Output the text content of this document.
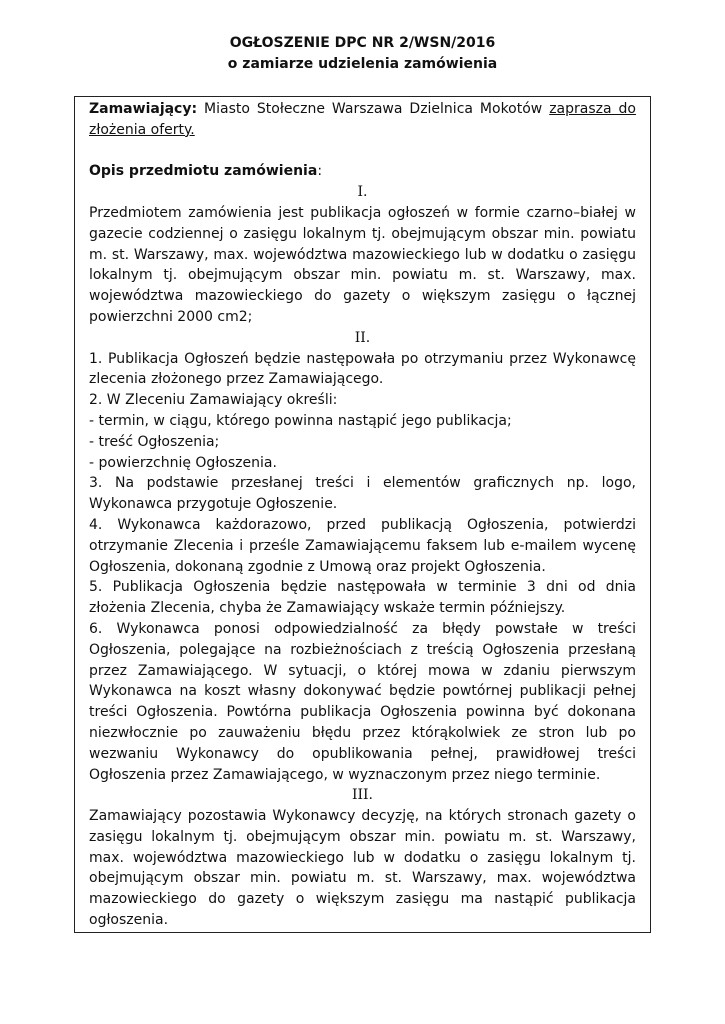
OGŁOSZENIE DPC NR 2/WSN/2016
o zamiarze udzielenia zamówienia

Zamawiający: Miasto Stołeczne Warszawa Dzielnica Mokotów zaprasza do złożenia oferty.

Opis przedmiotu zamówienia:

I.

Przedmiotem zamówienia jest publikacja ogłoszeń w formie czarno–białej w gazecie codziennej o zasięgu lokalnym tj. obejmującym obszar min. powiatu m. st. Warszawy, max. województwa mazowieckiego lub w dodatku o zasięgu lokalnym tj. obejmującym obszar min. powiatu m. st. Warszawy, max. województwa mazowieckiego do gazety o większym zasięgu o łącznej powierzchni 2000 cm2;

II.

1. Publikacja Ogłoszeń będzie następowała po otrzymaniu przez Wykonawcę zlecenia złożonego przez Zamawiającego.

2. W Zleceniu Zamawiający określi:

- termin, w ciągu, którego powinna nastąpić jego publikacja;

- treść Ogłoszenia;

- powierzchnię Ogłoszenia.

3. Na podstawie przesłanej treści i elementów graficznych np. logo, Wykonawca przygotuje Ogłoszenie.

4. Wykonawca każdorazowo, przed publikacją Ogłoszenia, potwierdzi otrzymanie Zlecenia i prześle Zamawiającemu faksem lub e-mailem wycenę Ogłoszenia, dokonaną zgodnie z Umową oraz projekt Ogłoszenia.

5. Publikacja Ogłoszenia będzie następowała w terminie 3 dni od dnia złożenia Zlecenia, chyba że Zamawiający wskaże termin późniejszy.

6. Wykonawca ponosi odpowiedzialność za błędy powstałe w treści Ogłoszenia, polegające na rozbieżnościach z treścią Ogłoszenia przesłaną przez Zamawiającego. W sytuacji, o której mowa w zdaniu pierwszym Wykonawca na koszt własny dokonywać będzie powtórnej publikacji pełnej treści Ogłoszenia. Powtórna publikacja Ogłoszenia powinna być dokonana niezwłocznie po zauważeniu błędu przez którąkolwiek ze stron lub po wezwaniu Wykonawcy do opublikowania pełnej, prawidłowej treści Ogłoszenia przez Zamawiającego, w wyznaczonym przez niego terminie.

III.

Zamawiający pozostawia Wykonawcy decyzję, na których stronach gazety o zasięgu lokalnym tj. obejmującym obszar min. powiatu m. st. Warszawy, max. województwa mazowieckiego lub w dodatku o zasięgu lokalnym tj. obejmującym obszar min. powiatu m. st. Warszawy, max. województwa mazowieckiego do gazety o większym zasięgu ma nastąpić publikacja ogłoszenia.
